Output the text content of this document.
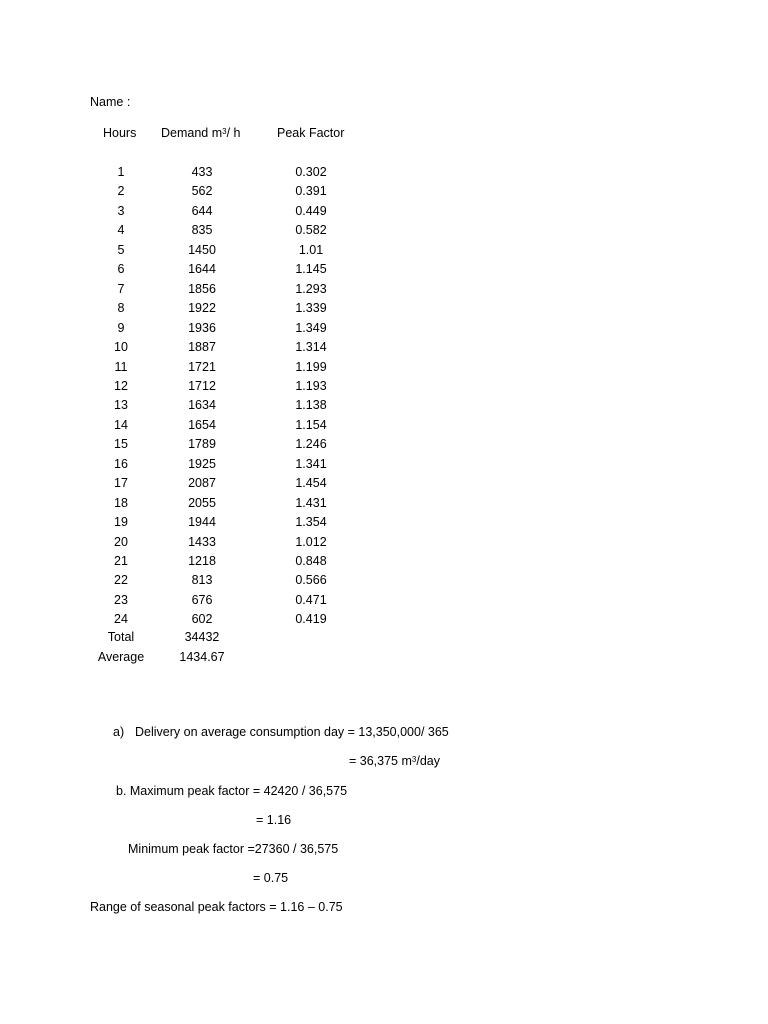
Name :
Hours Demand $m^3/$ h	Peak Factor
1	433	0.302
2	562	0.391
3	644	0.449
4	835	0.582
5	1450	1.01
6	1644	1.145
7	1856	1.293
8	1922	1.339
9	1936	1.349
10	1887	1.314
11	1721	1.199
12	1712	1.193
13	1634	1.138
14	1654	1.154
15	1789	1.246
16	1925	1.341
17	2087	1.454
18	2055	1.431
19	1944	1.354
20	1433	1.012
21	1218	0.848
22	813	0.566
23	676	0.471
24	602	0.419
Total	34432
Average	1434.67
a) Delivery on average consumption day = 13,350,000/ 365
= 36,375 $m^3$/day
b. Maximum peak factor = 42420 / 36,575
= 1.16
Minimum peak factor =27360 / 36,575
= 0.75
Range of seasonal peak factors = 1.16 – 0.75
